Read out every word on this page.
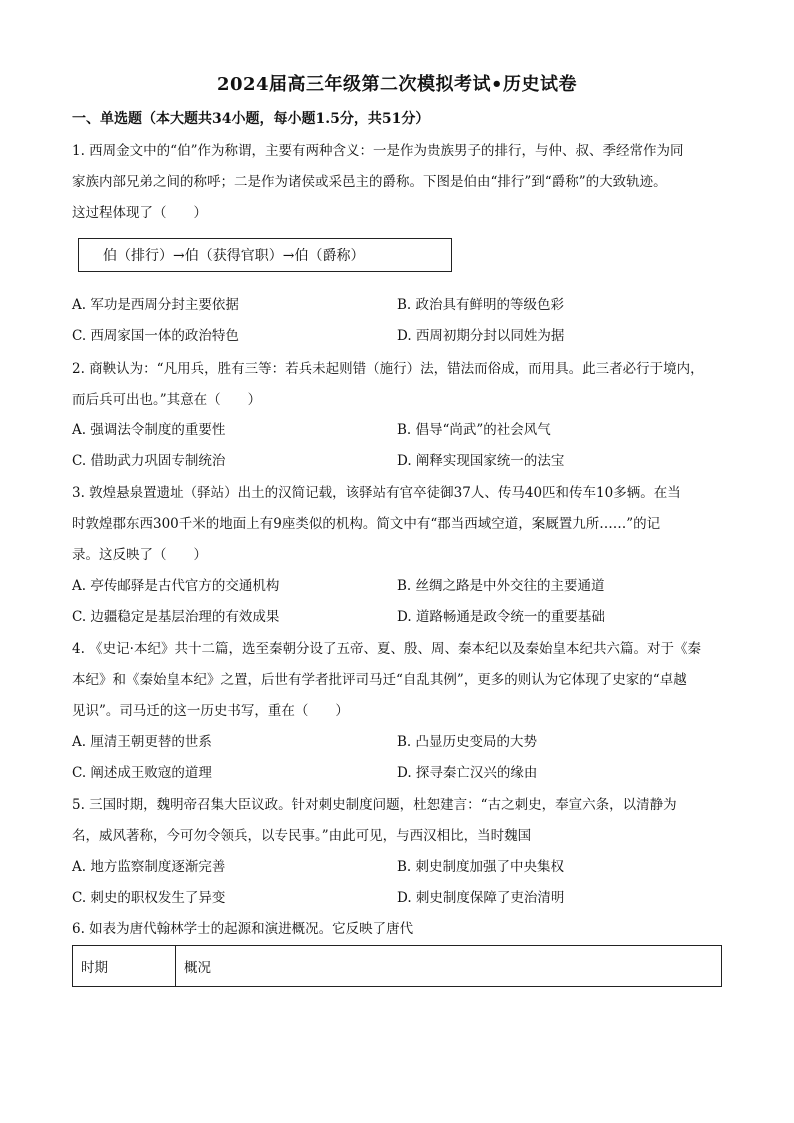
2024届高三年级第二次模拟考试•历史试卷
一、单选题（本大题共34小题，每小题1.5分，共51分）
1. 西周金文中的“伯”作为称谓，主要有两种含义：一是作为贵族男子的排行，与仲、叔、季经常作为同
家族内部兄弟之间的称呼；二是作为诸侯或采邑主的爵称。下图是伯由“排行”到“爵称”的大致轨迹。
这过程体现了（　　）
伯（排行）→伯（获得官职）→伯（爵称）
A. 军功是西周分封主要依据	B. 政治具有鲜明的等级色彩
C. 西周家国一体的政治特色	D. 西周初期分封以同姓为据
2. 商鞅认为：“凡用兵，胜有三等：若兵未起则错（施行）法，错法而俗成，而用具。此三者必行于境内，
而后兵可出也。”其意在（　　）
A. 强调法令制度的重要性	B. 倡导“尚武”的社会风气
C. 借助武力巩固专制统治	D. 阐释实现国家统一的法宝
3. 敦煌悬泉置遗址（驿站）出土的汉简记载，该驿站有官卒徒御37人、传马40匹和传车10多辆。在当
时敦煌郡东西300千米的地面上有9座类似的机构。简文中有“郡当西域空道，案厩置九所……”的记
录。这反映了（　　）
A. 亭传邮驿是古代官方的交通机构	B. 丝绸之路是中外交往的主要通道
C. 边疆稳定是基层治理的有效成果	D. 道路畅通是政令统一的重要基础
4. 《史记·本纪》共十二篇，选至秦朝分设了五帝、夏、殷、周、秦本纪以及秦始皇本纪共六篇。对于《秦
本纪》和《秦始皇本纪》之置，后世有学者批评司马迁“自乱其例”，更多的则认为它体现了史家的“卓越
见识”。司马迁的这一历史书写，重在（　　）
A. 厘清王朝更替的世系	B. 凸显历史变局的大势
C. 阐述成王败寇的道理	D. 探寻秦亡汉兴的缘由
5. 三国时期，魏明帝召集大臣议政。针对刺史制度问题，杜恕建言：“古之刺史，奉宣六条，以清静为
名，威风著称，今可勿令领兵，以专民事。”由此可见，与西汉相比，当时魏国
A. 地方监察制度逐渐完善	B. 刺史制度加强了中央集权
C. 刺史的职权发生了异变	D. 刺史制度保障了吏治清明
6. 如表为唐代翰林学士的起源和演进概况。它反映了唐代
时期	概况
